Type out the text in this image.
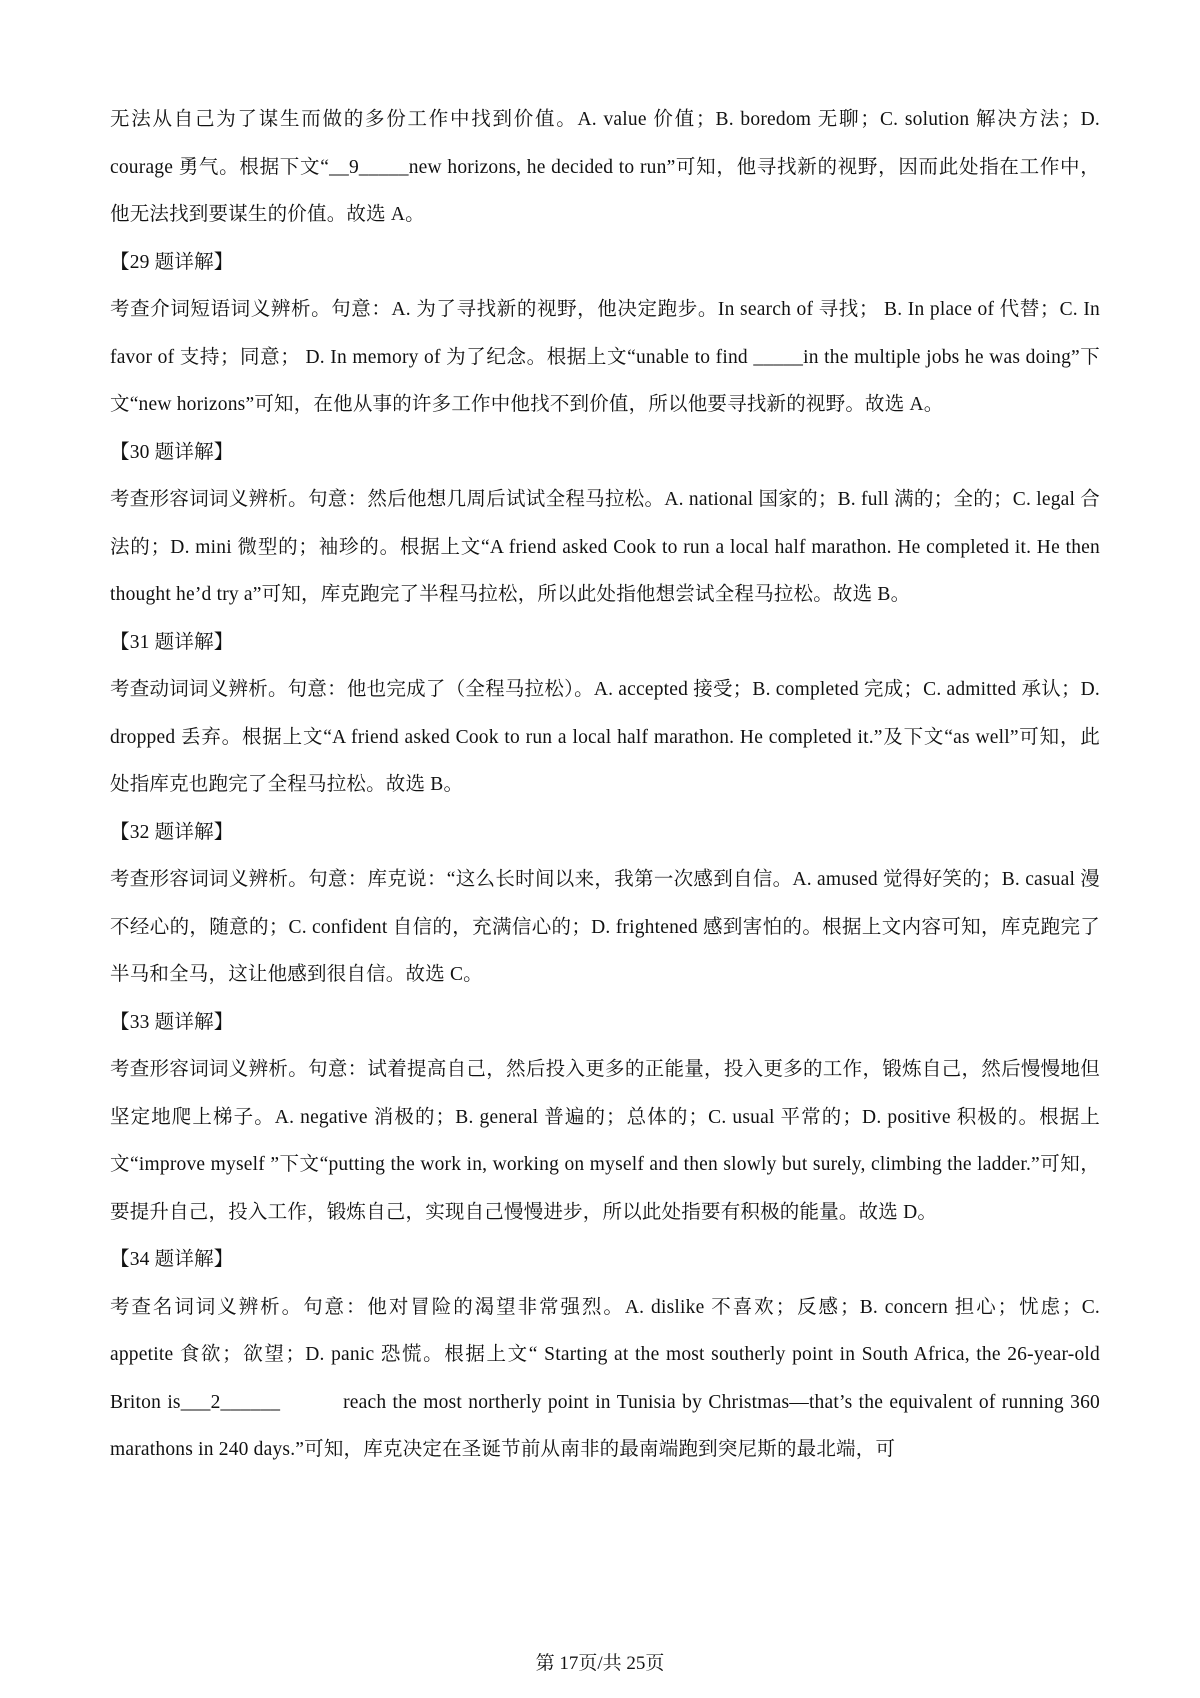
无法从自己为了谋生而做的多份工作中找到价值。A. value 价值；B. boredom 无聊；C. solution 解决方法；D. courage 勇气。根据下文“__9_____new horizons, he decided to run”可知，他寻找新的视野，因而此处指在工作中，他无法找到要谋生的价值。故选 A。

【29 题详解】

考查介词短语词义辨析。句意：A. 为了寻找新的视野，他决定跑步。In search of 寻找； B. In place of 代替；C. In favor of 支持；同意； D. In memory of 为了纪念。根据上文“unable to find _____in the multiple jobs he was doing”下文“new horizons”可知，在他从事的许多工作中他找不到价值，所以他要寻找新的视野。故选 A。

【30 题详解】

考查形容词词义辨析。句意：然后他想几周后试试全程马拉松。A. national 国家的；B. full 满的；全的；C. legal 合法的；D. mini 微型的；袖珍的。根据上文“A friend asked Cook to run a local half marathon. He completed it. He then thought he’d try a”可知，库克跑完了半程马拉松，所以此处指他想尝试全程马拉松。故选 B。

【31 题详解】

考查动词词义辨析。句意：他也完成了（全程马拉松）。A. accepted 接受；B. completed 完成；C. admitted 承认；D. dropped 丢弃。根据上文“A friend asked Cook to run a local half marathon. He completed it.”及下文“as well”可知，此处指库克也跑完了全程马拉松。故选 B。

【32 题详解】

考查形容词词义辨析。句意：库克说：“这么长时间以来，我第一次感到自信。A. amused 觉得好笑的；B. casual 漫不经心的，随意的；C. confident 自信的，充满信心的；D. frightened 感到害怕的。根据上文内容可知，库克跑完了半马和全马，这让他感到很自信。故选 C。

【33 题详解】

考查形容词词义辨析。句意：试着提高自己，然后投入更多的正能量，投入更多的工作，锻炼自己，然后慢慢地但坚定地爬上梯子。A. negative 消极的；B. general 普遍的；总体的；C. usual 平常的；D. positive 积极的。根据上文“improve myself ”下文“putting the work in, working on myself and then slowly but surely, climbing the ladder.”可知，要提升自己，投入工作，锻炼自己，实现自己慢慢进步，所以此处指要有积极的能量。故选 D。

【34 题详解】

考查名词词义辨析。句意：他对冒险的渴望非常强烈。A. dislike 不喜欢；反感；B. concern 担心；忧虑；C. appetite 食欲；欲望；D. panic 恐慌。根据上文“ Starting at the most southerly point in South Africa, the 26-year-old Briton is___2______          reach the most northerly point in Tunisia by Christmas—that’s the equivalent of running 360 marathons in 240 days.”可知，库克决定在圣诞节前从南非的最南端跑到突尼斯的最北端，可

第 17页/共 25页
